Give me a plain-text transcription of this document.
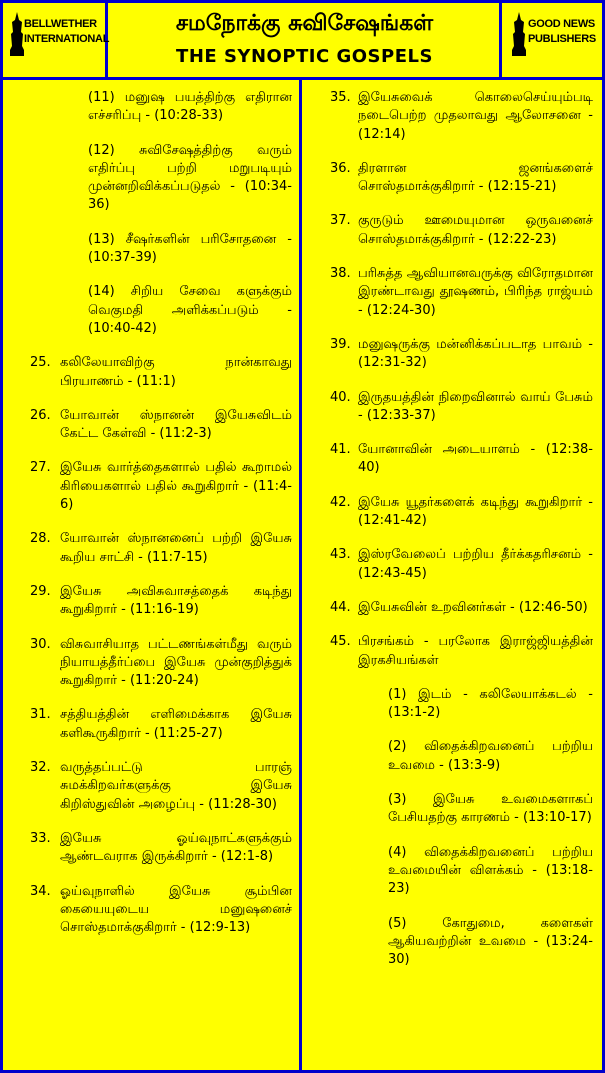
BELLWETHER
INTERNATIONAL
சமநோக்கு சுவிசேஷங்கள்
THE SYNOPTIC GOSPELS
GOOD NEWS
PUBLISHERS
(11) மனுஷ பயத்திற்கு எதிரான எச்சரிப்பு - (10:28-33)
(12) சுவிசேஷத்திற்கு வரும் எதிர்ப்பு பற்றி மறுபடியும் முன்னறிவிக்கப்படுதல் - (10:34-36)
(13) சீஷர்களின் பரிசோதனை - (10:37-39)
(14) சிறிய சேவை களுக்கும் வெகுமதி அளிக்கப்படும் - (10:40-42)
25. கலிலேயாவிற்கு நான்காவது பிரயாணம் - (11:1)
26. யோவான் ஸ்நானன் இயேசுவிடம் கேட்ட கேள்வி - (11:2-3)
27. இயேசு வார்த்தைகளால் பதில் கூறாமல் கிரியைகளால் பதில் கூறுகிறார் - (11:4-6)
28. யோவான் ஸ்நானனைப் பற்றி இயேசு கூறிய சாட்சி - (11:7-15)
29. இயேசு அவிசுவாசத்தைக் கடிந்து கூறுகிறார் - (11:16-19)
30. விசுவாசியாத பட்டணங்கள்மீது வரும் நியாயத்தீர்ப்பை இயேசு முன்குறித்துக் கூறுகிறார் - (11:20-24)
31. சத்தியத்தின் எளிமைக்காக இயேசு களிகூருகிறார் - (11:25-27)
32. வருத்தப்பட்டு பாரஞ் சுமக்கிறவர்களுக்கு இயேசு கிறிஸ்துவின் அழைப்பு - (11:28-30)
33. இயேசு ஓய்வுநாட்களுக்கும் ஆண்டவராக இருக்கிறார் - (12:1-8)
34. ஓய்வுநாளில் இயேசு சூம்பின கையையுடைய மனுஷனைச் சொஸ்தமாக்குகிறார் - (12:9-13)
35. இயேசுவைக் கொலைசெய்யும்படி நடைபெற்ற முதலாவது ஆலோசனை - (12:14)
36. திரளான ஜனங்களைச் சொஸ்தமாக்குகிறார் - (12:15-21)
37. குருடும் ஊமையுமான ஒருவனைச் சொஸ்தமாக்குகிறார் - (12:22-23)
38. பரிசுத்த ஆவியானவருக்கு விரோதமான இரண்டாவது தூஷணம், பிரிந்த ராஜ்யம் - (12:24-30)
39. மனுஷருக்கு மன்னிக்கப்படாத பாவம் - (12:31-32)
40. இருதயத்தின் நிறைவினால் வாய் பேசும் - (12:33-37)
41. யோனாவின் அடையாளம் - (12:38-40)
42. இயேசு யூதர்களைக் கடிந்து கூறுகிறார் - (12:41-42)
43. இஸ்ரவேலைப் பற்றிய தீர்க்கதரிசனம் - (12:43-45)
44. இயேசுவின் உறவினர்கள் - (12:46-50)
45. பிரசங்கம் - பரலோக இராஜ்ஜியத்தின் இரகசியங்கள்
(1) இடம் - கலிலேயாக்கடல் - (13:1-2)
(2) விதைக்கிறவனைப் பற்றிய உவமை - (13:3-9)
(3) இயேசு உவமைகளாகப் பேசியதற்கு காரணம் - (13:10-17)
(4) விதைக்கிறவனைப் பற்றிய உவமையின் விளக்கம் - (13:18-23)
(5) கோதுமை, களைகள் ஆகியவற்றின் உவமை - (13:24-30)
